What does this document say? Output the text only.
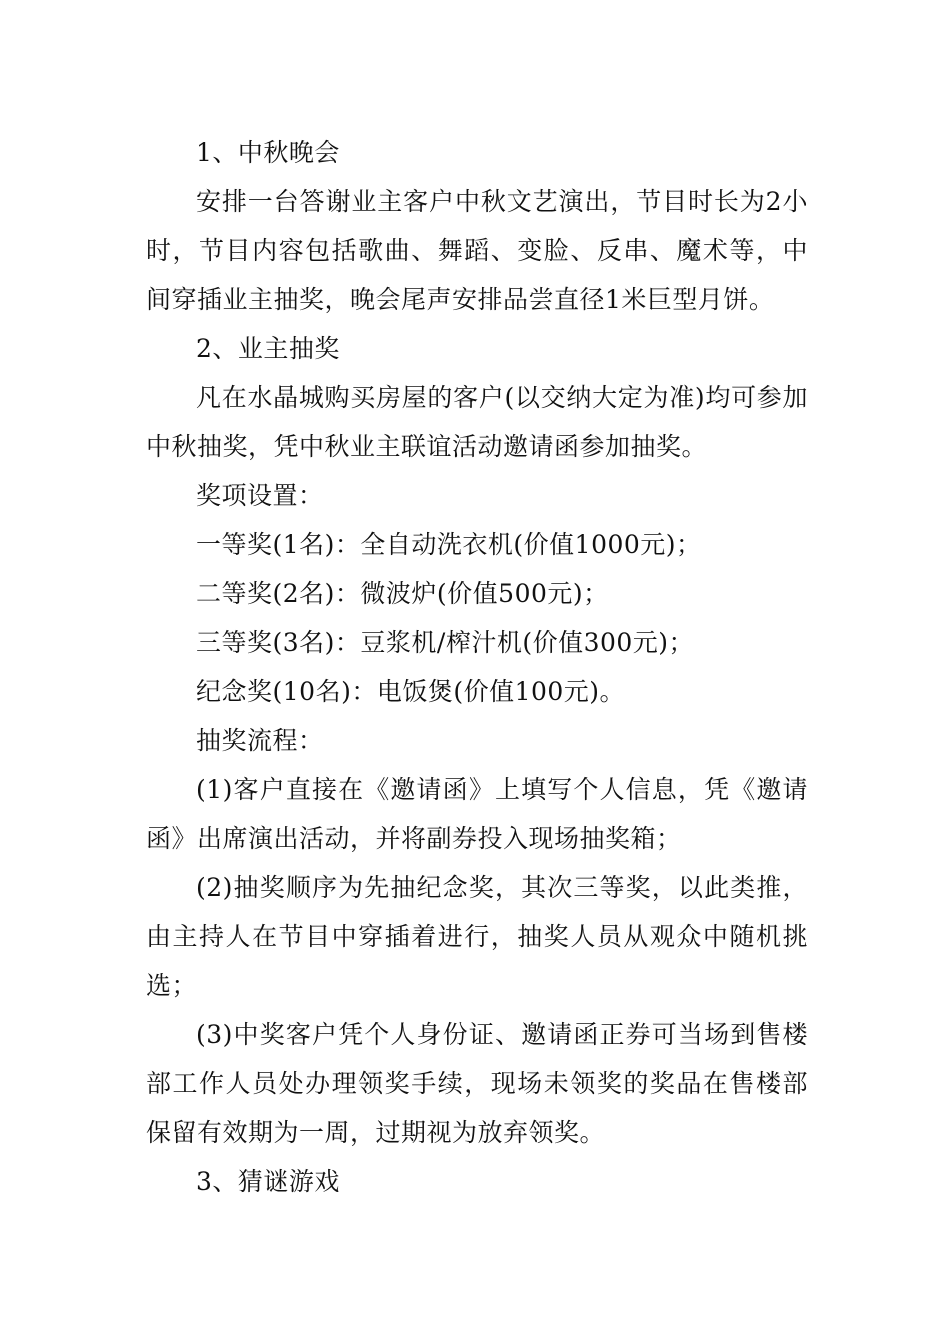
1、中秋晚会

安排一台答谢业主客户中秋文艺演出，节目时长为2小时，节目内容包括歌曲、舞蹈、变脸、反串、魔术等，中间穿插业主抽奖，晚会尾声安排品尝直径1米巨型月饼。

2、业主抽奖

凡在水晶城购买房屋的客户(以交纳大定为准)均可参加中秋抽奖，凭中秋业主联谊活动邀请函参加抽奖。

奖项设置：

一等奖(1名)：全自动洗衣机(价值1000元)；

二等奖(2名)：微波炉(价值500元)；

三等奖(3名)：豆浆机/榨汁机(价值300元)；

纪念奖(10名)：电饭煲(价值100元)。

抽奖流程：

(1)客户直接在《邀请函》上填写个人信息，凭《邀请函》出席演出活动，并将副券投入现场抽奖箱；

(2)抽奖顺序为先抽纪念奖，其次三等奖，以此类推，由主持人在节目中穿插着进行，抽奖人员从观众中随机挑选；

(3)中奖客户凭个人身份证、邀请函正券可当场到售楼部工作人员处办理领奖手续，现场未领奖的奖品在售楼部保留有效期为一周，过期视为放弃领奖。

3、猜谜游戏
